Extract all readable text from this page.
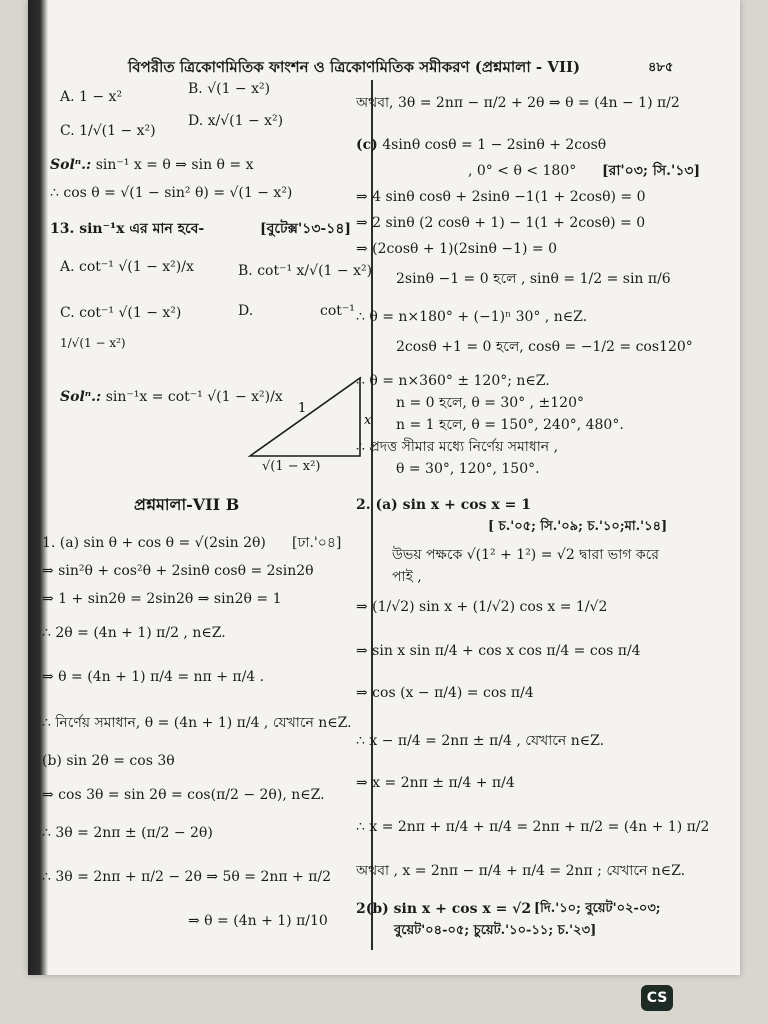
বিপরীত ত্রিকোণমিতিক ফাংশন ও ত্রিকোণমিতিক সমীকরণ (প্রশ্নমালা - VII)	৪৮৫
A. 1 − x²	B. √(1 − x²)
C. 1/√(1 − x²)
D. x/√(1 − x²)
Solⁿ.: sin⁻¹ x = θ ⇒ sin θ = x
∴ cos θ = √(1 − sin² θ) = √(1 − x²)
13. sin⁻¹x এর মান হবে-	[বুটেক্স'১৩-১৪]
A. cot⁻¹ √(1 − x²)/x	B. cot⁻¹ x/√(1 − x²)
C. cot⁻¹ √(1 − x²)	D.	cot⁻¹
1/√(1 − x²)
Solⁿ.: sin⁻¹x = cot⁻¹ √(1 − x²)/x
1
x
√(1 − x²)
প্রশ্নমালা-VII B
1. (a) sin θ + cos θ = √(2sin 2θ) [ঢা.'০৪]
⇒ sin²θ + cos²θ + 2sinθ cosθ = 2sin2θ
⇒ 1 + sin2θ = 2sin2θ ⇒ sin2θ = 1
∴ 2θ = (4n + 1) π/2 , n∈Z.
⇒ θ = (4n + 1) π/4 = nπ + π/4 .
∴ নির্ণেয় সমাধান, θ = (4n + 1) π/4 , যেখানে n∈Z.
(b) sin 2θ = cos 3θ
⇒ cos 3θ = sin 2θ = cos(π/2 − 2θ), n∈Z.
∴ 3θ = 2nπ ± (π/2 − 2θ)
∴ 3θ = 2nπ + π/2 − 2θ ⇒ 5θ = 2nπ + π/2
⇒ θ = (4n + 1) π/10
অথবা, 3θ = 2nπ − π/2 + 2θ ⇒ θ = (4n − 1) π/2
(c) 4sinθ cosθ = 1 − 2sinθ + 2cosθ
, 0° < θ < 180° [রা'০৩; সি.'১৩]
⇒ 4 sinθ cosθ + 2sinθ −1(1 + 2cosθ) = 0
⇒ 2 sinθ (2 cosθ + 1) − 1(1 + 2cosθ) = 0
⇒ (2cosθ + 1)(2sinθ −1) = 0
2sinθ −1 = 0 হলে , sinθ = 1/2 = sin π/6
∴ θ = n×180° + (−1)ⁿ 30° , n∈Z.
2cosθ +1 = 0 হলে, cosθ = −1/2 = cos120°
∴ θ = n×360° ± 120°; n∈Z.
n = 0 হলে, θ = 30° , ±120°
n = 1 হলে, θ = 150°, 240°, 480°.
∴ প্রদত্ত সীমার মধ্যে নির্ণেয় সমাধান ,
θ = 30°, 120°, 150°.
2. (a) sin x + cos x = 1
[ চ.'০৫; সি.'০৯; চ.'১০;মা.'১৪]
উভয় পক্ষকে √(1² + 1²) = √2 দ্বারা ভাগ করে
পাই ,
⇒ (1/√2) sin x + (1/√2) cos x = 1/√2
⇒ sin x sin π/4 + cos x cos π/4 = cos π/4
⇒ cos (x − π/4) = cos π/4
∴ x − π/4 = 2nπ ± π/4 , যেখানে n∈Z.
⇒ x = 2nπ ± π/4 + π/4
∴ x = 2nπ + π/4 + π/4 = 2nπ + π/2 = (4n + 1) π/2
অথবা , x = 2nπ − π/4 + π/4 = 2nπ ; যেখানে n∈Z.
2(b) sin x + cos x = √2 [দি.'১০; বুয়েট'০২-০৩;
বুয়েট'০৪-০৫; চুয়েট.'১০-১১; চ.'২৩]
CS
